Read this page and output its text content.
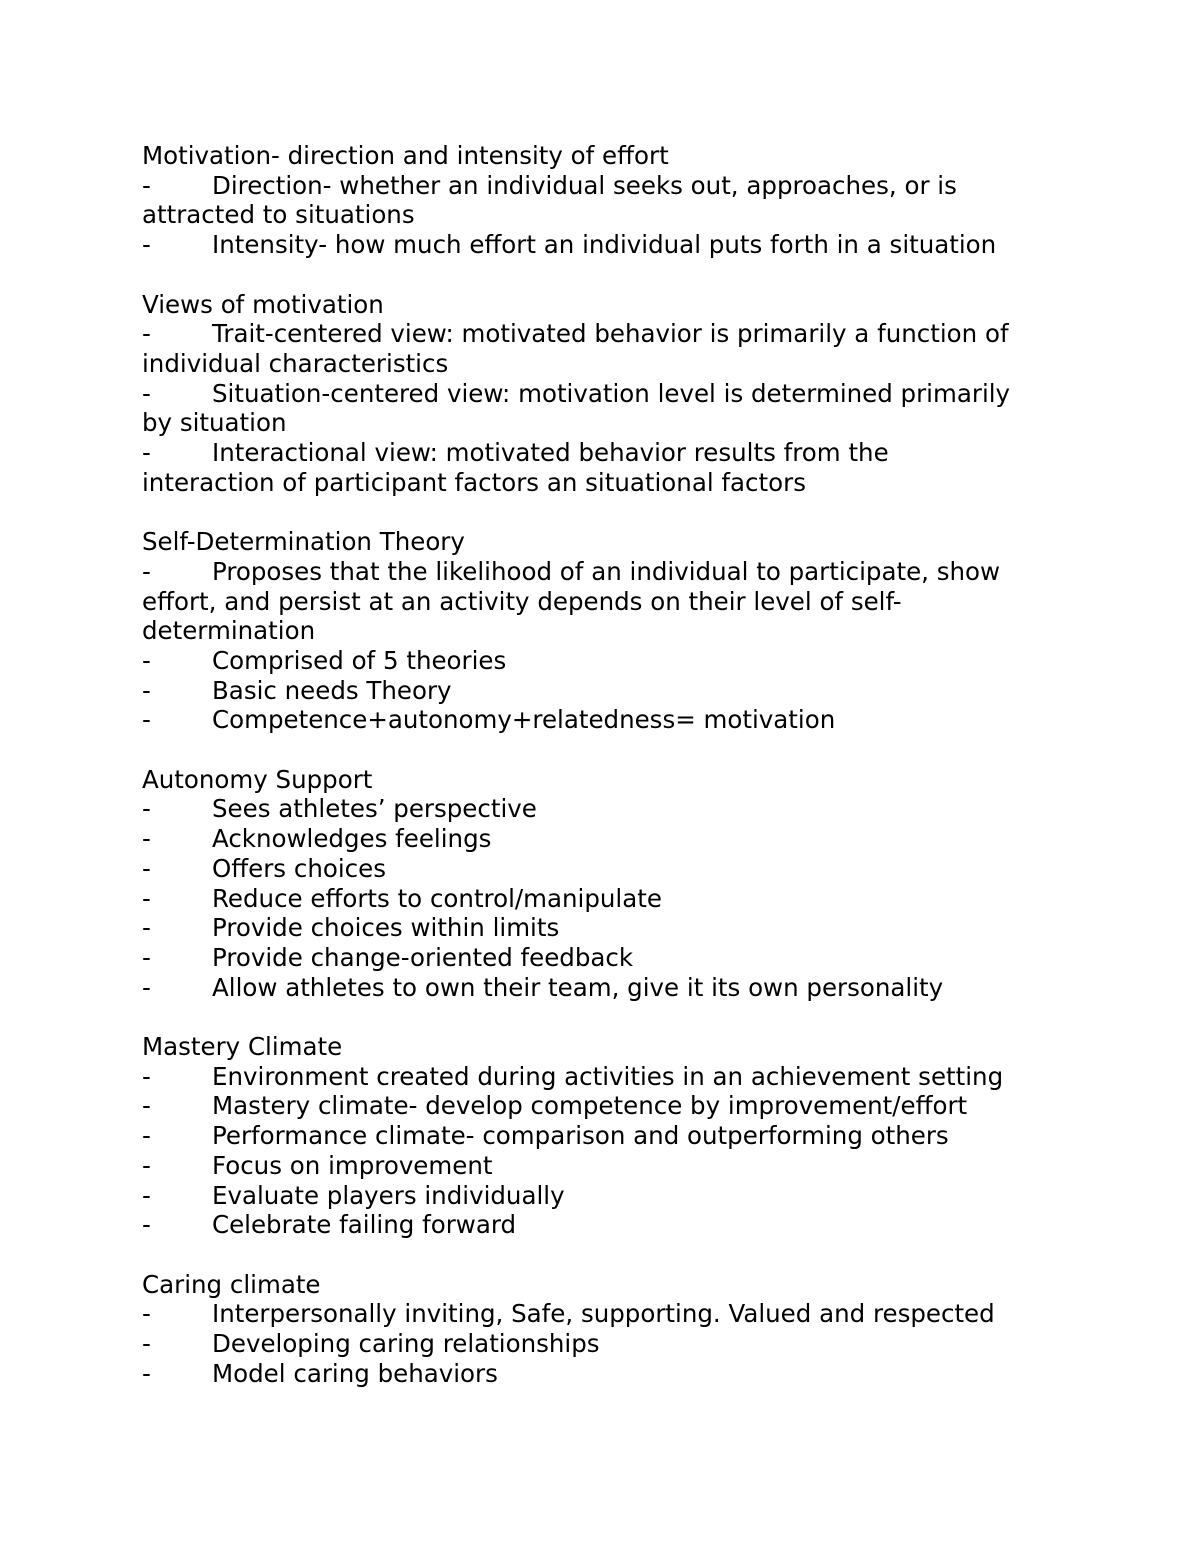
Motivation- direction and intensity of effort
- Direction- whether an individual seeks out, approaches, or is
attracted to situations
- Intensity- how much effort an individual puts forth in a situation
Views of motivation
- Trait-centered view: motivated behavior is primarily a function of
individual characteristics
- Situation-centered view: motivation level is determined primarily
by situation
- Interactional view: motivated behavior results from the
interaction of participant factors an situational factors
Self-Determination Theory
- Proposes that the likelihood of an individual to participate, show
effort, and persist at an activity depends on their level of self-
determination
- Comprised of 5 theories
- Basic needs Theory
- Competence+autonomy+relatedness= motivation
Autonomy Support
- Sees athletes’ perspective
- Acknowledges feelings
- Offers choices
- Reduce efforts to control/manipulate
- Provide choices within limits
- Provide change-oriented feedback
- Allow athletes to own their team, give it its own personality
Mastery Climate
- Environment created during activities in an achievement setting
- Mastery climate- develop competence by improvement/effort
- Performance climate- comparison and outperforming others
- Focus on improvement
- Evaluate players individually
- Celebrate failing forward
Caring climate
- Interpersonally inviting, Safe, supporting. Valued and respected
- Developing caring relationships
- Model caring behaviors
